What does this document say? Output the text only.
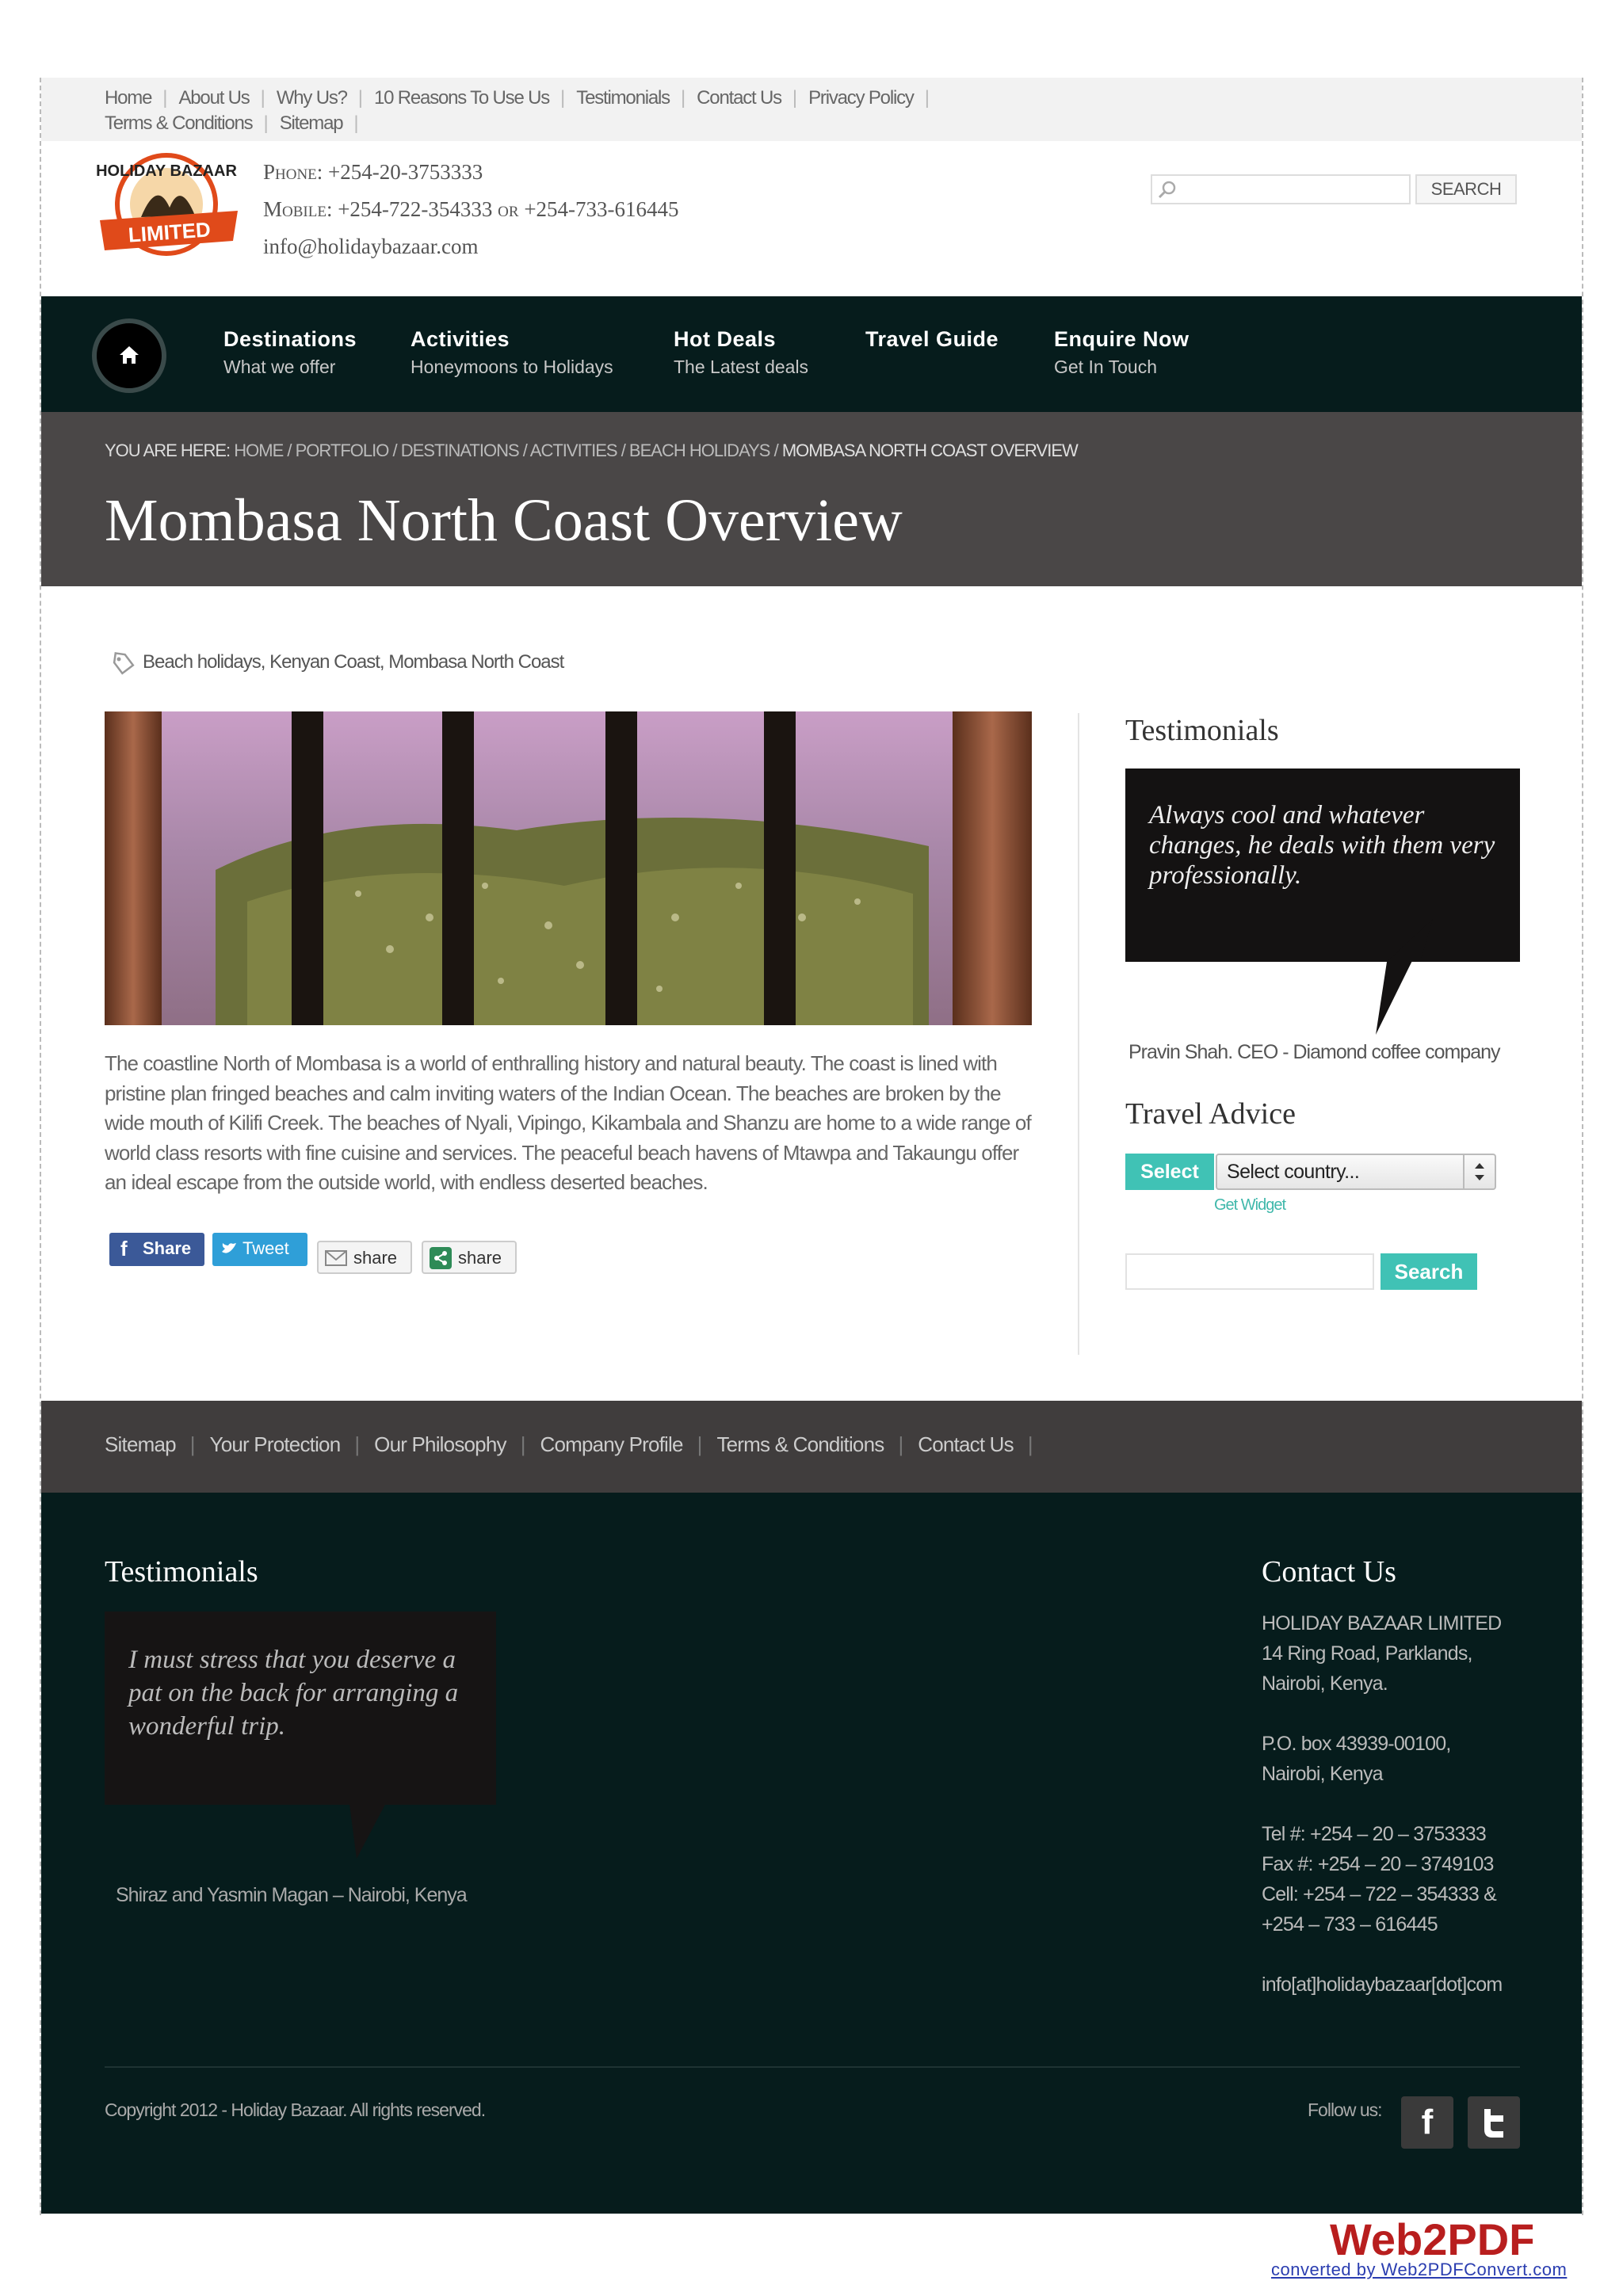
Home | About Us | Why Us? | 10 Reasons To Use Us | Testimonials | Contact Us | Privacy Policy |
Terms & Conditions | Sitemap |
HOLIDAY BAZAAR
LIMITED
Phone: +254-20-3753333
Mobile: +254-722-354333 or +254-733-616445
info@holidaybazaar.com
SEARCH
Destinations
What we offer
Activities
Honeymoons to Holidays
Hot Deals
The Latest deals
Travel Guide	Enquire Now
Get In Touch
YOU ARE HERE: HOME / PORTFOLIO / DESTINATIONS / ACTIVITIES / BEACH HOLIDAYS / MOMBASA NORTH COAST OVERVIEW
Mombasa North Coast Overview
Beach holidays, Kenyan Coast, Mombasa North Coast

The coastline North of Mombasa is a world of enthralling history and natural beauty. The coast is lined with pristine plan fringed beaches and calm inviting waters of the Indian Ocean. The beaches are broken by the wide mouth of Kilifi Creek. The beaches of Nyali, Vipingo, Kikambala and Shanzu are home to a wide range of world class resorts with fine cuisine and services. The peaceful beach havens of Mtawpa and Takaungu offer an ideal escape from the outside world, with endless deserted beaches.

f Share	Tweet	share	share
Testimonials
Always cool and whatever changes, he deals with them very professionally.
Pravin Shah. CEO - Diamond coffee company
Travel Advice
Select	Select country...
Get Widget
Search
Sitemap | Your Protection | Our Philosophy | Company Profile | Terms & Conditions | Contact Us |
Testimonials
I must stress that you deserve a pat on the back for arranging a wonderful trip.
Shiraz and Yasmin Magan – Nairobi, Kenya
Contact Us
HOLIDAY BAZAAR LIMITED
14 Ring Road, Parklands,
Nairobi, Kenya.
P.O. box 43939-00100,
Nairobi, Kenya
Tel #: +254 – 20 – 3753333
Fax #: +254 – 20 – 3749103
Cell: +254 – 722 – 354333 &
+254 – 733 – 616445
info[at]holidaybazaar[dot]com
Copyright 2012 - Holiday Bazaar. All rights reserved.	Follow us:	f
Web2PDF
converted by Web2PDFConvert.com
